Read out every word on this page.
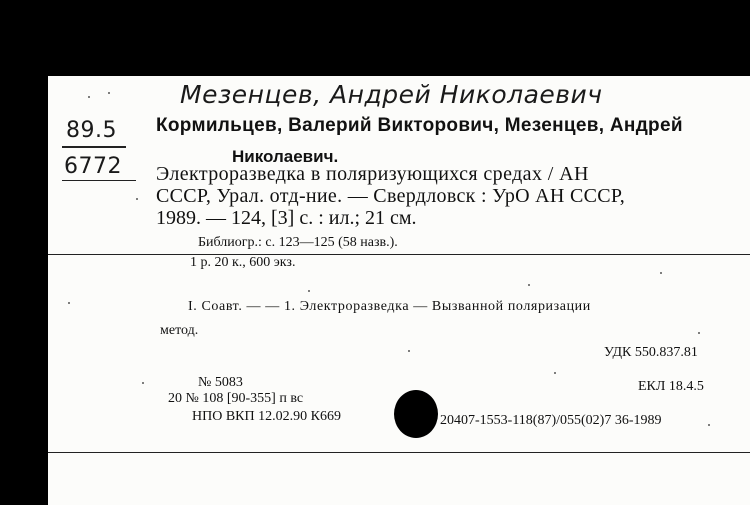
Мезенцев, Андрей Николаевич
89.5
6772
Кормильцев, Валерий Викторович, Мезенцев, Андрей
Николаевич.
Электроразведка в поляризующихся средах / АН
СССР, Урал. отд-ние. — Свердловск : УрО АН СССР,
1989. — 124, [3] с. : ил.; 21 см.
Библиогр.: с. 123—125 (58 назв.).
1 р. 20 к., 600 экз.
I. Соавт. — — 1. Электроразведка — Вызванной поляризации
метод.
УДК 550.837.81
№ 5083	ЕКЛ 18.4.5
20 № 108 [90-355] п вс
НПО ВКП 12.02.90 К669	20407-1553-118(87)/055(02)7 36-1989
